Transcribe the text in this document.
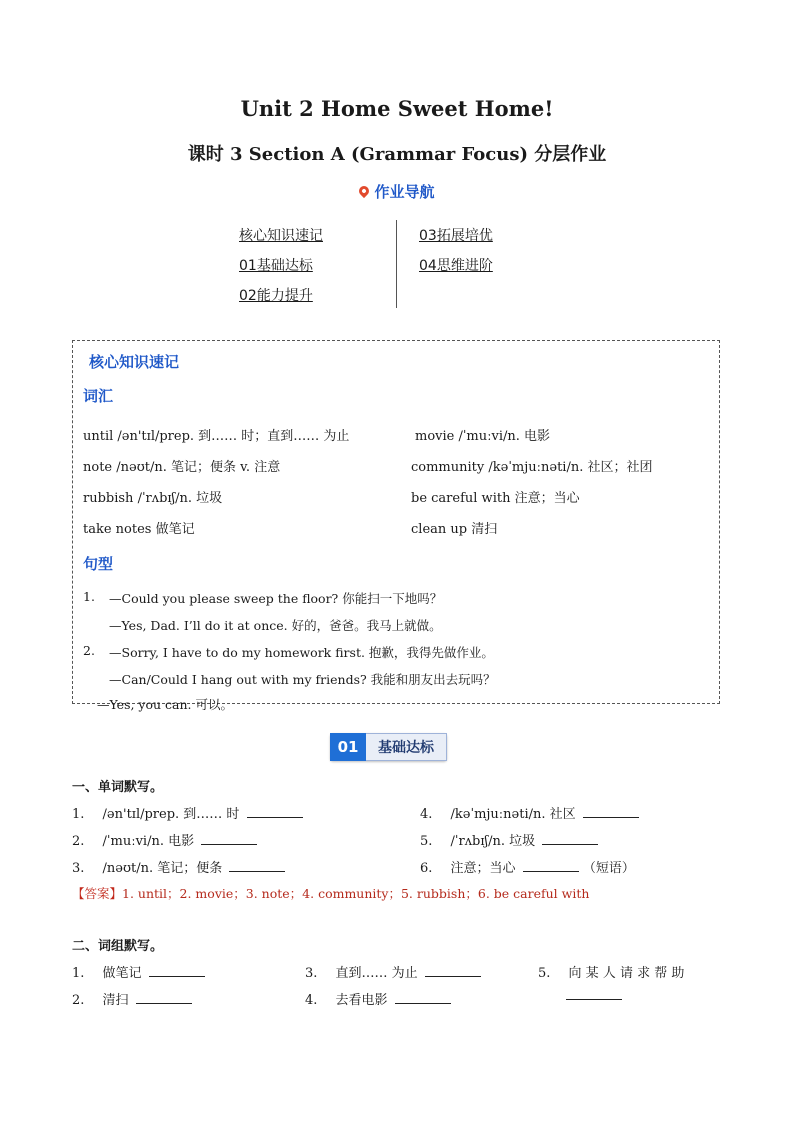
Unit 2 Home Sweet Home!
课时 3 Section A (Grammar Focus) 分层作业
作业导航
核心知识速记
01基础达标
02能力提升
03拓展培优
04思维进阶
核心知识速记
词汇
until /ən'tɪl/prep. 到…… 时；直到…… 为止	movie /ˈmuːvi/n. 电影
note /nəʊt/n. 笔记；便条 v. 注意	community /kəˈmjuːnəti/n. 社区；社团
rubbish /ˈrʌbɪʃ/n. 垃圾	be careful with 注意；当心
take notes 做笔记	clean up 清扫
句型
1. —Could you please sweep the floor? 你能扫一下地吗？
—Yes, Dad. I’ll do it at once. 好的，爸爸。我马上就做。
2. —Sorry, I have to do my homework first. 抱歉，我得先做作业。
—Can/Could I hang out with my friends? 我能和朋友出去玩吗？
—Yes, you can. 可以。
01	基础达标
一、单词默写。
1. /ən'tɪl/prep. 到…… 时
2. /ˈmuːvi/n. 电影
3. /nəʊt/n. 笔记；便条
4. /kəˈmjuːnəti/n. 社区
5. /ˈrʌbɪʃ/n. 垃圾
6. 注意；当心	（短语）
【答案】1. until；2. movie；3. note；4. community；5. rubbish；6. be careful with
二、词组默写。
1. 做笔记
2. 清扫
3. 直到…… 为止
4. 去看电影
5. 向 某 人 请 求 帮 助
